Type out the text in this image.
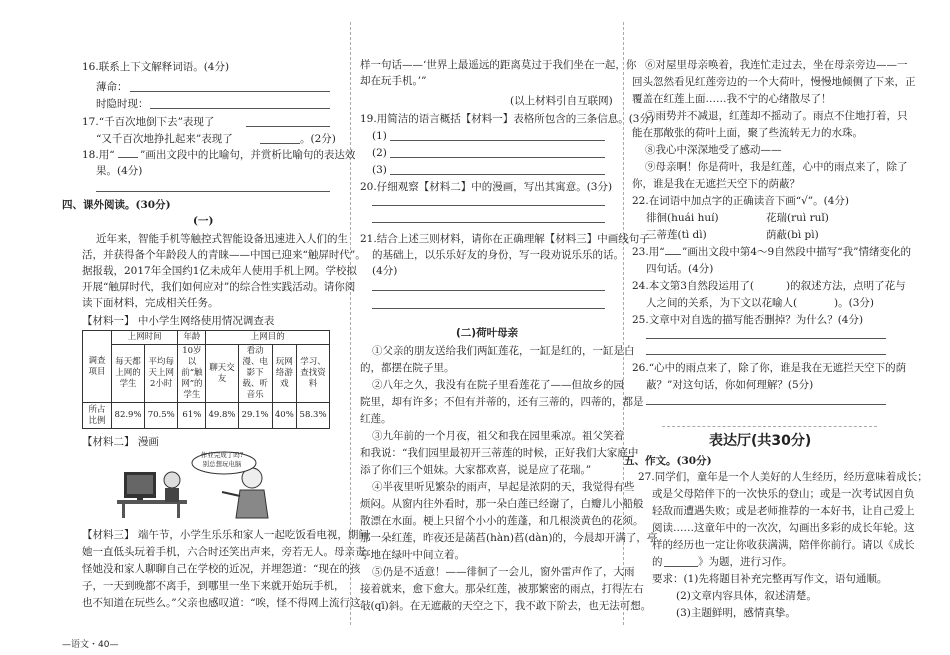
16.联系上下文解释词语。(4分)
薄命：
时隐时现：
17.“千百次地倒下去”表现了
“又千百次地挣扎起来”表现了	。(2分)
18.用“ ”画出文段中的比喻句，并赏析比喻句的表达效
果。(4分)
四、课外阅读。(30分)
(一)
近年来，智能手机等触控式智能设备迅速进入人们的生
活，并获得备个年龄段人的青睐——中国已迎来“触屏时代”。
据报载，2017年全国约1亿未成年人使用手机上网。学校拟
开展“触屏时代，我们如何应对”的综合性实践活动。请你阅
读下面材料，完成相关任务。
【材料一】 中小学生网络使用情况调查表
调查项目	上网时间		年龄	上网目的			
	每天都上网的学生	平均每天上网2小时	10岁以前“触网”的学生	聊天交友	看动漫、电影下载、听音乐	玩网络游戏	学习、查找资料
所占比例	82.9%	70.5%	61%	49.8%	29.1%	40%	58.3%
【材料二】 漫画
作业完成了吗?
别总想玩电脑
【材料三】 端午节，小学生乐乐和家人一起吃饭看电视，期间
她一直低头玩着手机，六合时还笑出声来，旁若无人。母亲责
怪她没和家人聊聊自己在学校的近况，并埋怨道：“现在的孩
子，一天到晚都不离手，到哪里一坐下来就开始玩手机，
也不知道在玩些么。”父亲也感叹道：“唉，怪不得网上流行这
样一句话——‘世界上最遥远的距离莫过于我们坐在一起，你
却在玩手机。’”
(以上材料引自互联网)
19.用简洁的语言概括【材料一】表格所包含的三条信息。(3分)
(1)
(2)
(3)
20.仔细观察【材料二】中的漫画，写出其寓意。(3分)
21.结合上述三则材料，请你在正确理解【材料三】中画线句子
的基础上，以乐乐好友的身份，写一段劝说乐乐的话。
(4分)
(二)荷叶母亲
①父亲的朋友送给我们两缸莲花，一缸是红的，一缸是白
的，都摆在院子里。
②八年之久，我没有在院子里看莲花了——但故乡的园
院里，却有许多；不但有并蒂的，还有三蒂的，四蒂的，都是
红莲。
③九年前的一个月夜，祖父和我在园里乘凉。祖父笑着
和我说：“我们园里最初开三蒂莲的时候，正好我们大家庭中
添了你们三个姐妹。大家都欢喜，说是应了花瑞。”
④半夜里听见繁杂的雨声，早起是浓阴的天，我觉得有些
烦闷。从窗内往外看时，那一朵白莲已经谢了，白瓣儿小船般
散漂在水面。梗上只留个小小的莲蓬，和几根淡黄色的花须。
那一朵红莲，昨夜还是菡萏(hàn)萏(dàn)的，今晨却开满了，亭
亭地在绿叶中间立着。
⑤仍是不适意！——徘徊了一会儿，窗外雷声作了，大雨
接着就来，愈下愈大。那朵红莲，被那繁密的雨点，打得左右
敧(qī)斜。在无遮蔽的天空之下，我不敢下阶去，也无法可想。
⑥对屋里母亲唤着，我连忙走过去，坐在母亲旁边——一
回头忽然看见红莲旁边的一个大荷叶，慢慢地倾侧了下来，正
覆盖在红莲上面……我不宁的心绪散尽了！
⑦雨势并不减退，红莲却不摇动了。雨点不住地打着，只
能在那敞张的荷叶上面，聚了些流转无力的水珠。
⑧我心中深深地受了感动——
⑨母亲啊！你是荷叶，我是红莲，心中的雨点来了，除了
你，谁是我在无遮拦天空下的荫蔽？
22.在词语中加点字的正确读音下画“√”。(4分)
徘徊(huái huí)	花瑞(ruì ruǐ)
三蒂莲(tì dì)	荫蔽(bì pì)
23.用“ ”画出文段中第4～9自然段中描写“我”情绪变化的
四句话。(4分)
24.本文第3自然段运用了(	)的叙述方法，点明了花与
人之间的关系，为下文以花喻人(	)。(3分)
25.文章中对自选的描写能否删掉？为什么？(4分)
26.“心中的雨点来了，除了你，谁是我在无遮拦天空下的荫
蔽？”对这句话，你如何理解？(5分)
表达厅(共30分)
五、作文。(30分)
27.同学们，童年是一个人美好的人生经历，经历意味着成长；
或是父母陪伴下的一次快乐的登山；或是一次考试因自负
轻敌而遭遇失败；或是老师推荐的一本好书，让自己爱上
阅读……这童年中的一次次，勾画出多彩的成长年轮。这
样的经历也一定让你收获满满，陪伴你前行。请以《成长
的	》为题，进行习作。
要求：(1)先将题目补充完整再写作文，语句通顺。
(2)文章内容具体，叙述清楚。
(3)主题鲜明，感情真挚。
—语文・40—
